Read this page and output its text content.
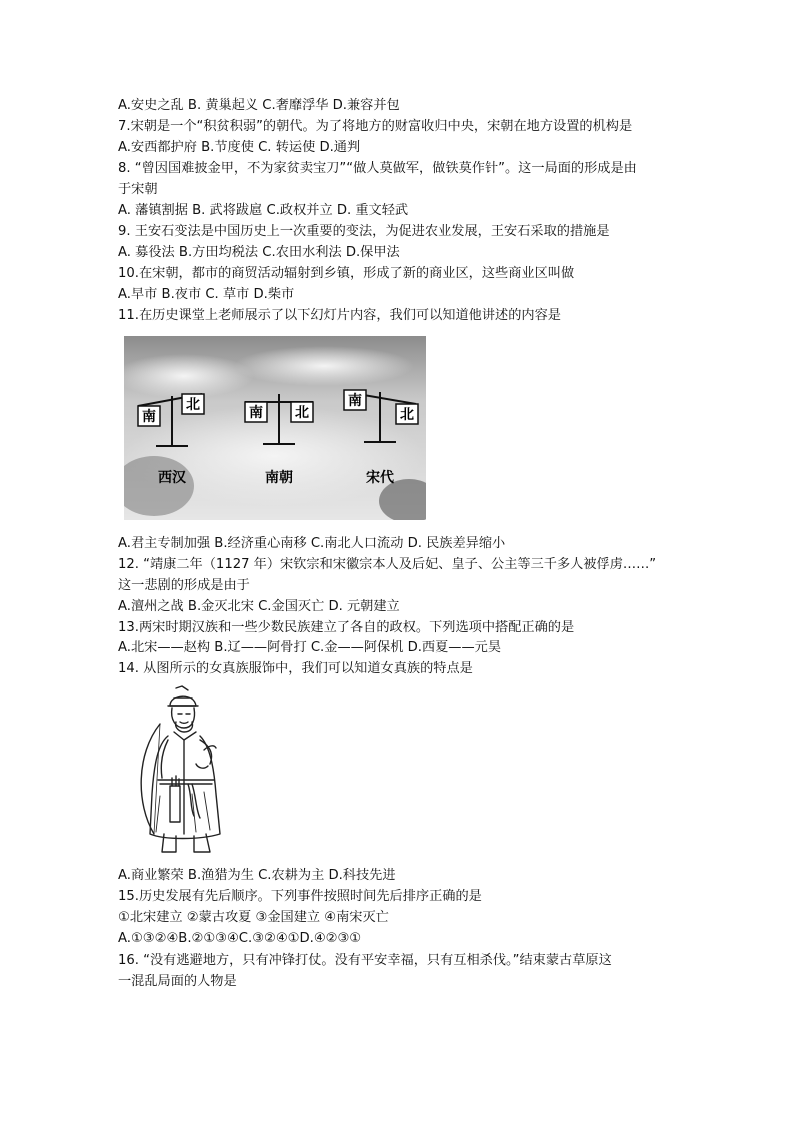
A.安史之乱 B. 黄巢起义 C.奢靡浮华 D.兼容并包
7.宋朝是一个“积贫积弱”的朝代。为了将地方的财富收归中央，宋朝在地方设置的机构是
A.安西都护府 B.节度使 C. 转运使 D.通判
8. “曾因国难披金甲，不为家贫卖宝刀”“做人莫做军，做铁莫作针”。这一局面的形成是由
于宋朝
A. 藩镇割据 B. 武将跋扈 C.政权并立 D. 重文轻武
9. 王安石变法是中国历史上一次重要的变法，为促进农业发展，王安石采取的措施是
A. 募役法 B.方田均税法 C.农田水利法 D.保甲法
10.在宋朝，都市的商贸活动辐射到乡镇，形成了新的商业区，这些商业区叫做
A.早市 B.夜市 C. 草市 D.柴市
11.在历史课堂上老师展示了以下幻灯片内容，我们可以知道他讲述的内容是
南
北
西汉
南 北
南朝
南
北
宋代
A.君主专制加强 B.经济重心南移 C.南北人口流动 D. 民族差异缩小
12. “靖康二年（1127 年）宋钦宗和宋徽宗本人及后妃、皇子、公主等三千多人被俘虏……”
这一悲剧的形成是由于
A.澶州之战 B.金灭北宋 C.金国灭亡 D. 元朝建立
13.两宋时期汉族和一些少数民族建立了各自的政权。下列选项中搭配正确的是
A.北宋——赵构 B.辽——阿骨打 C.金——阿保机 D.西夏——元昊
14. 从图所示的女真族服饰中，我们可以知道女真族的特点是
A.商业繁荣 B.渔猎为生 C.农耕为主 D.科技先进
15.历史发展有先后顺序。下列事件按照时间先后排序正确的是
①北宋建立 ②蒙古攻夏 ③金国建立 ④南宋灭亡
A.①③②④B.②①③④C.③②④①D.④②③①
16. “没有逃避地方，只有冲锋打仗。没有平安幸福，只有互相杀伐。”结束蒙古草原这
一混乱局面的人物是
